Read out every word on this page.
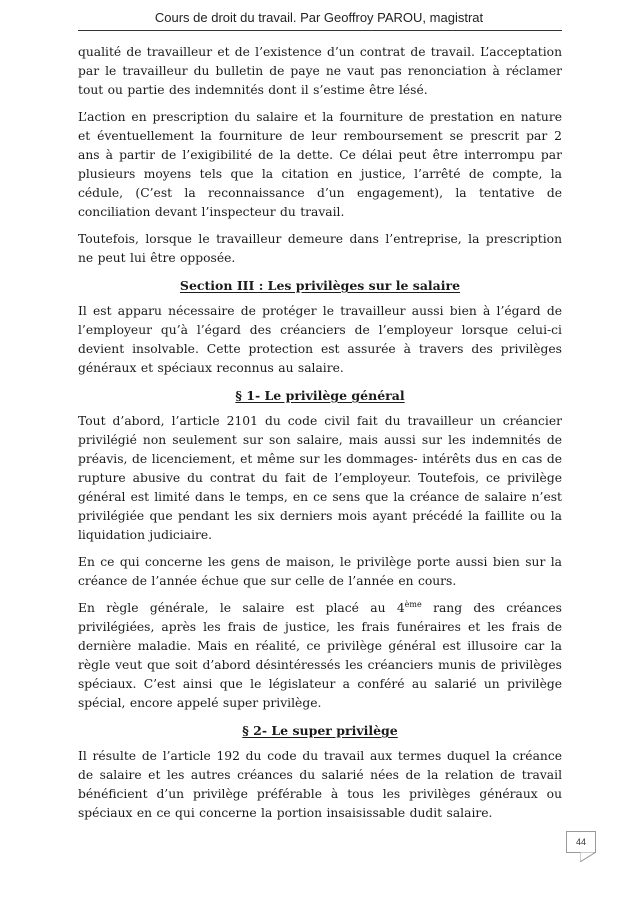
Cours de droit du travail. Par Geoffroy PAROU, magistrat

qualité de travailleur et de l’existence d’un contrat de travail. L’acceptation par le travailleur du bulletin de paye ne vaut pas renonciation à réclamer tout ou partie des indemnités dont il s’estime être lésé.

L’action en prescription du salaire et la fourniture de prestation en nature et éventuellement la fourniture de leur remboursement se prescrit par 2 ans à partir de l’exigibilité de la dette. Ce délai peut être interrompu par plusieurs moyens tels que la citation en justice, l’arrêté de compte, la cédule, (C’est la reconnaissance d’un engagement), la tentative de conciliation devant l’inspecteur du travail.

Toutefois, lorsque le travailleur demeure dans l’entreprise, la prescription ne peut lui être opposée.

Section III : Les privilèges sur le salaire

Il est apparu nécessaire de protéger le travailleur aussi bien à l’égard de l’employeur qu’à l’égard des créanciers de l’employeur lorsque celui-ci devient insolvable. Cette protection est assurée à travers des privilèges généraux et spéciaux reconnus au salaire.

§ 1- Le privilège général

Tout d’abord, l’article 2101 du code civil fait du travailleur un créancier privilégié non seulement sur son salaire, mais aussi sur les indemnités de préavis, de licenciement, et même sur les dommages- intérêts dus en cas de rupture abusive du contrat du fait de l’employeur. Toutefois, ce privilège général est limité dans le temps, en ce sens que la créance de salaire n’est privilégiée que pendant les six derniers mois ayant précédé la faillite ou la liquidation judiciaire.

En ce qui concerne les gens de maison, le privilège porte aussi bien sur la créance de l’année échue que sur celle de l’année en cours.

En règle générale, le salaire est placé au 4ème rang des créances privilégiées, après les frais de justice, les frais funéraires et les frais de dernière maladie. Mais en réalité, ce privilège général est illusoire car la règle veut que soit d’abord désintéressés les créanciers munis de privilèges spéciaux. C’est ainsi que le législateur a conféré au salarié un privilège spécial, encore appelé super privilège.

§ 2- Le super privilège

Il résulte de l’article 192 du code du travail aux termes duquel la créance de salaire et les autres créances du salarié nées de la relation de travail bénéficient d’un privilège préférable à tous les privilèges généraux ou spéciaux en ce qui concerne la portion insaisissable dudit salaire.

44
